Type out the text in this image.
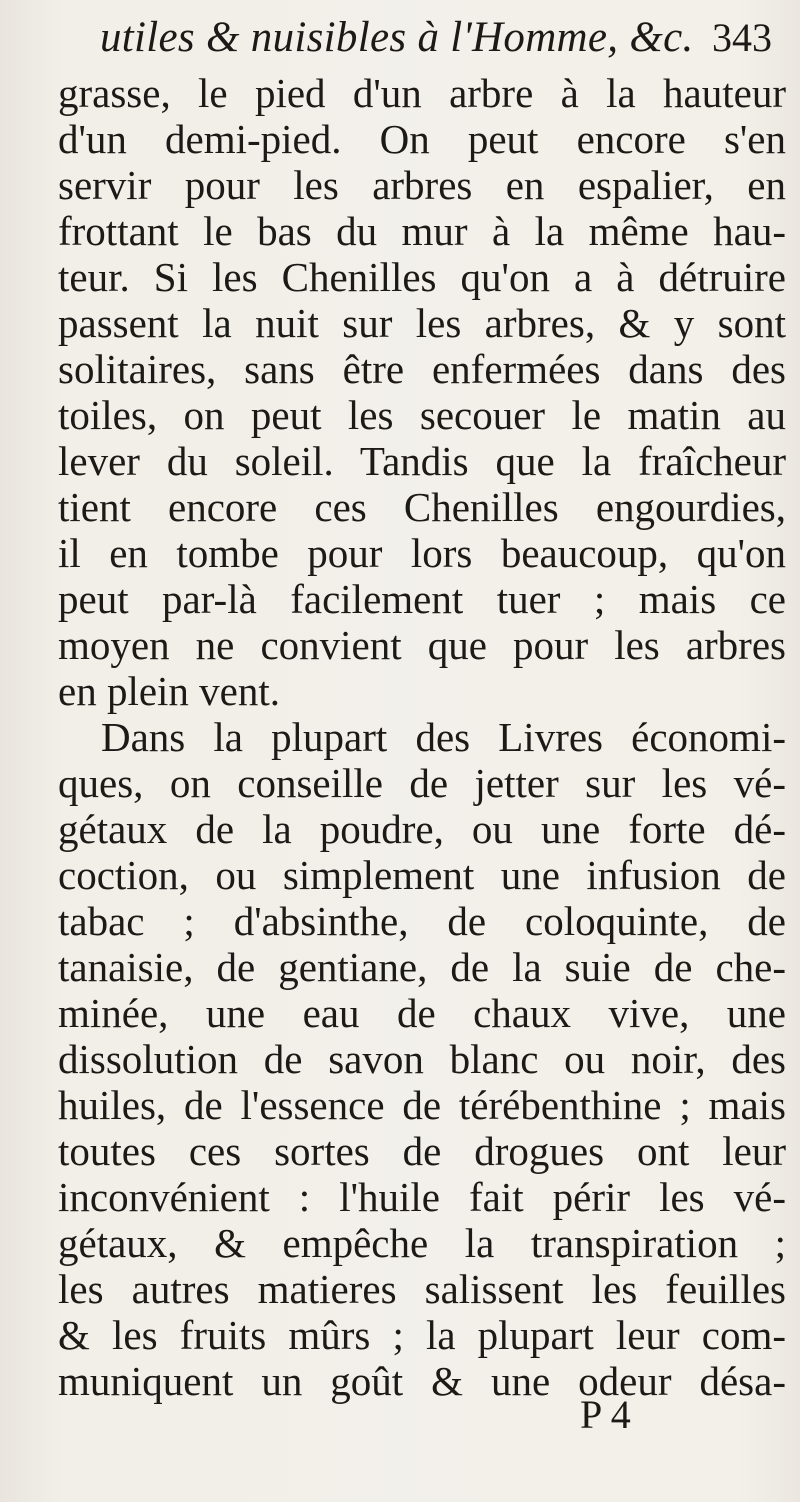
utiles & nuisibles à l'Homme, &c. 343
grasse, le pied d'un arbre à la hauteur
d'un demi-pied. On peut encore s'en
servir pour les arbres en espalier, en
frottant le bas du mur à la même hau-
teur. Si les Chenilles qu'on a à détruire
passent la nuit sur les arbres, & y sont
solitaires, sans être enfermées dans des
toiles, on peut les secouer le matin au
lever du soleil. Tandis que la fraîcheur
tient encore ces Chenilles engourdies,
il en tombe pour lors beaucoup, qu'on
peut par-là facilement tuer ; mais ce
moyen ne convient que pour les arbres
en plein vent.
Dans la plupart des Livres économi-
ques, on conseille de jetter sur les vé-
gétaux de la poudre, ou une forte dé-
coction, ou simplement une infusion de
tabac ; d'absinthe, de coloquinte, de
tanaisie, de gentiane, de la suie de che-
minée, une eau de chaux vive, une
dissolution de savon blanc ou noir, des
huiles, de l'essence de térébenthine ; mais
toutes ces sortes de drogues ont leur
inconvénient : l'huile fait périr les vé-
gétaux, & empêche la transpiration ;
les autres matieres salissent les feuilles
& les fruits mûrs ; la plupart leur com-
muniquent un goût & une odeur désa-
P 4
